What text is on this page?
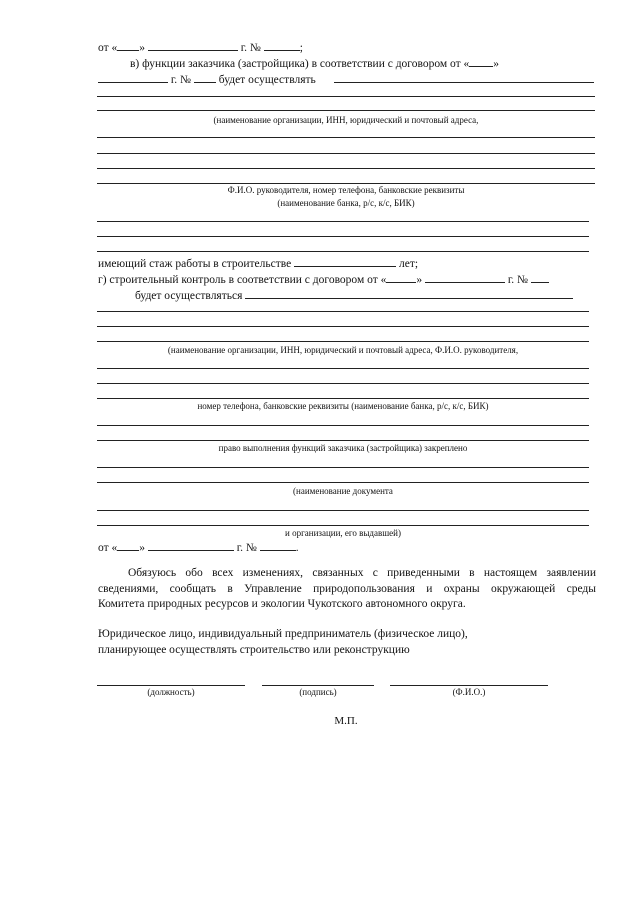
от « »	г. №	;
в) функции заказчика (застройщика) в соответствии с договором от « »
г. № будет осуществлять
(наименование организации, ИНН, юридический и почтовый адреса,
Ф.И.О. руководителя, номер телефона, банковские реквизиты
(наименование банка, р/с, к/с, БИК)
имеющий стаж работы в строительстве	лет;
г) строительный контроль в соответствии с договором от «	»	г. №
будет осуществляться
(наименование организации, ИНН, юридический и почтовый адреса, Ф.И.О. руководителя,
номер телефона, банковские реквизиты (наименование банка, р/с, к/с, БИК)
право выполнения функций заказчика (застройщика) закреплено
(наименование документа
и организации, его выдавшей)
от « »	г. №	.
Обязуюсь обо всех изменениях, связанных с приведенными в настоящем заявлении
сведениями, сообщать в Управление природопользования и охраны окружающей среды
Комитета природных ресурсов и экологии Чукотского автономного округа.
Юридическое лицо, индивидуальный предприниматель (физическое лицо),
планирующее осуществлять строительство или реконструкцию
(должность)	(подпись)	(Ф.И.О.)
М.П.
